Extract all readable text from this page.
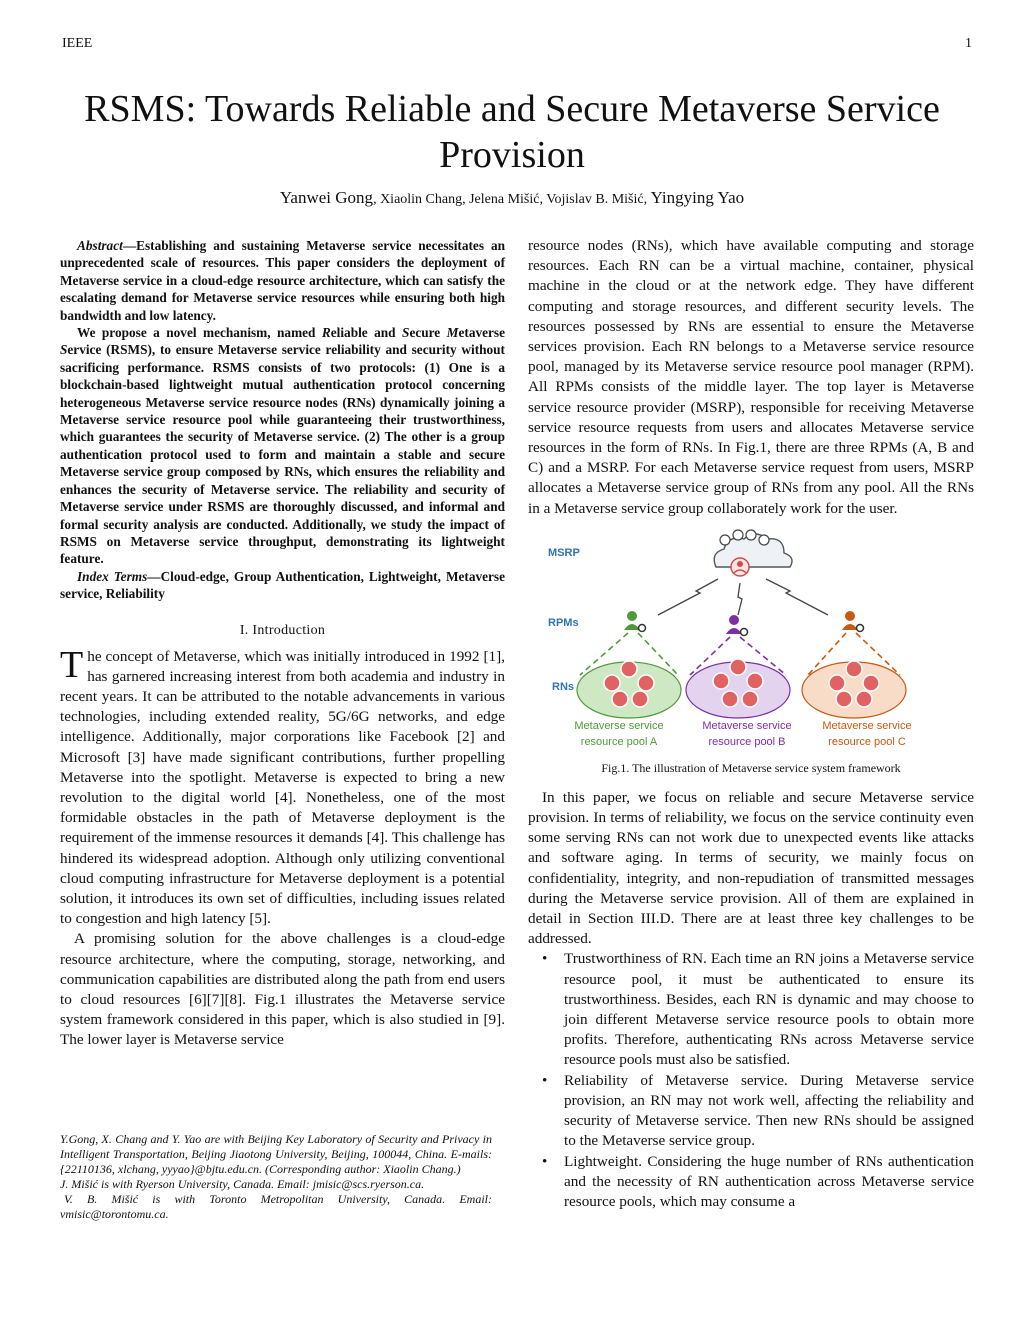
IEEE	1
RSMS: Towards Reliable and Secure Metaverse Service Provision
Yanwei Gong, Xiaolin Chang, Jelena Mišić, Vojislav B. Mišić, Yingying Yao

Abstract—Establishing and sustaining Metaverse service necessitates an unprecedented scale of resources. This paper considers the deployment of Metaverse service in a cloud-edge resource architecture, which can satisfy the escalating demand for Metaverse service resources while ensuring both high bandwidth and low latency.

We propose a novel mechanism, named Reliable and Secure Metaverse Service (RSMS), to ensure Metaverse service reliability and security without sacrificing performance. RSMS consists of two protocols: (1) One is a blockchain-based lightweight mutual authentication protocol concerning heterogeneous Metaverse service resource nodes (RNs) dynamically joining a Metaverse service resource pool while guaranteeing their trustworthiness, which guarantees the security of Metaverse service. (2) The other is a group authentication protocol used to form and maintain a stable and secure Metaverse service group composed by RNs, which ensures the reliability and enhances the security of Metaverse service. The reliability and security of Metaverse service under RSMS are thoroughly discussed, and informal and formal security analysis are conducted. Additionally, we study the impact of RSMS on Metaverse service throughput, demonstrating its lightweight feature.

Index Terms—Cloud-edge, Group Authentication, Lightweight, Metaverse service, Reliability

I. Introduction

The concept of Metaverse, which was initially introduced in 1992 [1], has garnered increasing interest from both academia and industry in recent years. It can be attributed to the notable advancements in various technologies, including extended reality, 5G/6G networks, and edge intelligence. Additionally, major corporations like Facebook [2] and Microsoft [3] have made significant contributions, further propelling Metaverse into the spotlight. Metaverse is expected to bring a new revolution to the digital world [4]. Nonetheless, one of the most formidable obstacles in the path of Metaverse deployment is the requirement of the immense resources it demands [4]. This challenge has hindered its widespread adoption. Although only utilizing conventional cloud computing infrastructure for Metaverse deployment is a potential solution, it introduces its own set of difficulties, including issues related to congestion and high latency [5].

A promising solution for the above challenges is a cloud-edge resource architecture, where the computing, storage, networking, and communication capabilities are distributed along the path from end users to cloud resources [6][7][8]. Fig.1 illustrates the Metaverse service system framework considered in this paper, which is also studied in [9]. The lower layer is Metaverse service

Y.Gong, X. Chang and Y. Yao are with Beijing Key Laboratory of Security and Privacy in Intelligent Transportation, Beijing Jiaotong University, Beijing, 100044, China. E-mails: {22110136, xlchang, yyyao}@bjtu.edu.cn. (Corresponding author: Xiaolin Chang.)

J. Mišić is with Ryerson University, Canada. Email: jmisic@scs.ryerson.ca.

V. B. Mišić is with Toronto Metropolitan University, Canada. Email: vmisic@torontomu.ca.

resource nodes (RNs), which have available computing and storage resources. Each RN can be a virtual machine, container, physical machine in the cloud or at the network edge. They have different computing and storage resources, and different security levels. The resources possessed by RNs are essential to ensure the Metaverse services provision. Each RN belongs to a Metaverse service resource pool, managed by its Metaverse service resource pool manager (RPM). All RPMs consists of the middle layer. The top layer is Metaverse service resource provider (MSRP), responsible for receiving Metaverse service resource requests from users and allocates Metaverse service resources in the form of RNs. In Fig.1, there are three RPMs (A, B and C) and a MSRP. For each Metaverse service request from users, MSRP allocates a Metaverse service group of RNs from any pool. All the RNs in a Metaverse service group collaborately work for the user.

MSRP
RPMs
RNs
Metaverse service
resource pool A
Metaverse service
resource pool B
Metaverse service
resource pool C
Fig.1. The illustration of Metaverse service system framework

In this paper, we focus on reliable and secure Metaverse service provision. In terms of reliability, we focus on the service continuity even some serving RNs can not work due to unexpected events like attacks and software aging. In terms of security, we mainly focus on confidentiality, integrity, and non-repudiation of transmitted messages during the Metaverse service provision. All of them are explained in detail in Section III.D. There are at least three key challenges to be addressed.

• Trustworthiness of RN. Each time an RN joins a Metaverse service resource pool, it must be authenticated to ensure its trustworthiness. Besides, each RN is dynamic and may choose to join different Metaverse service resource pools to obtain more profits. Therefore, authenticating RNs across Metaverse service resource pools must also be satisfied.
• Reliability of Metaverse service. During Metaverse service provision, an RN may not work well, affecting the reliability and security of Metaverse service. Then new RNs should be assigned to the Metaverse service group.
• Lightweight. Considering the huge number of RNs authentication and the necessity of RN authentication across Metaverse service resource pools, which may consume a
